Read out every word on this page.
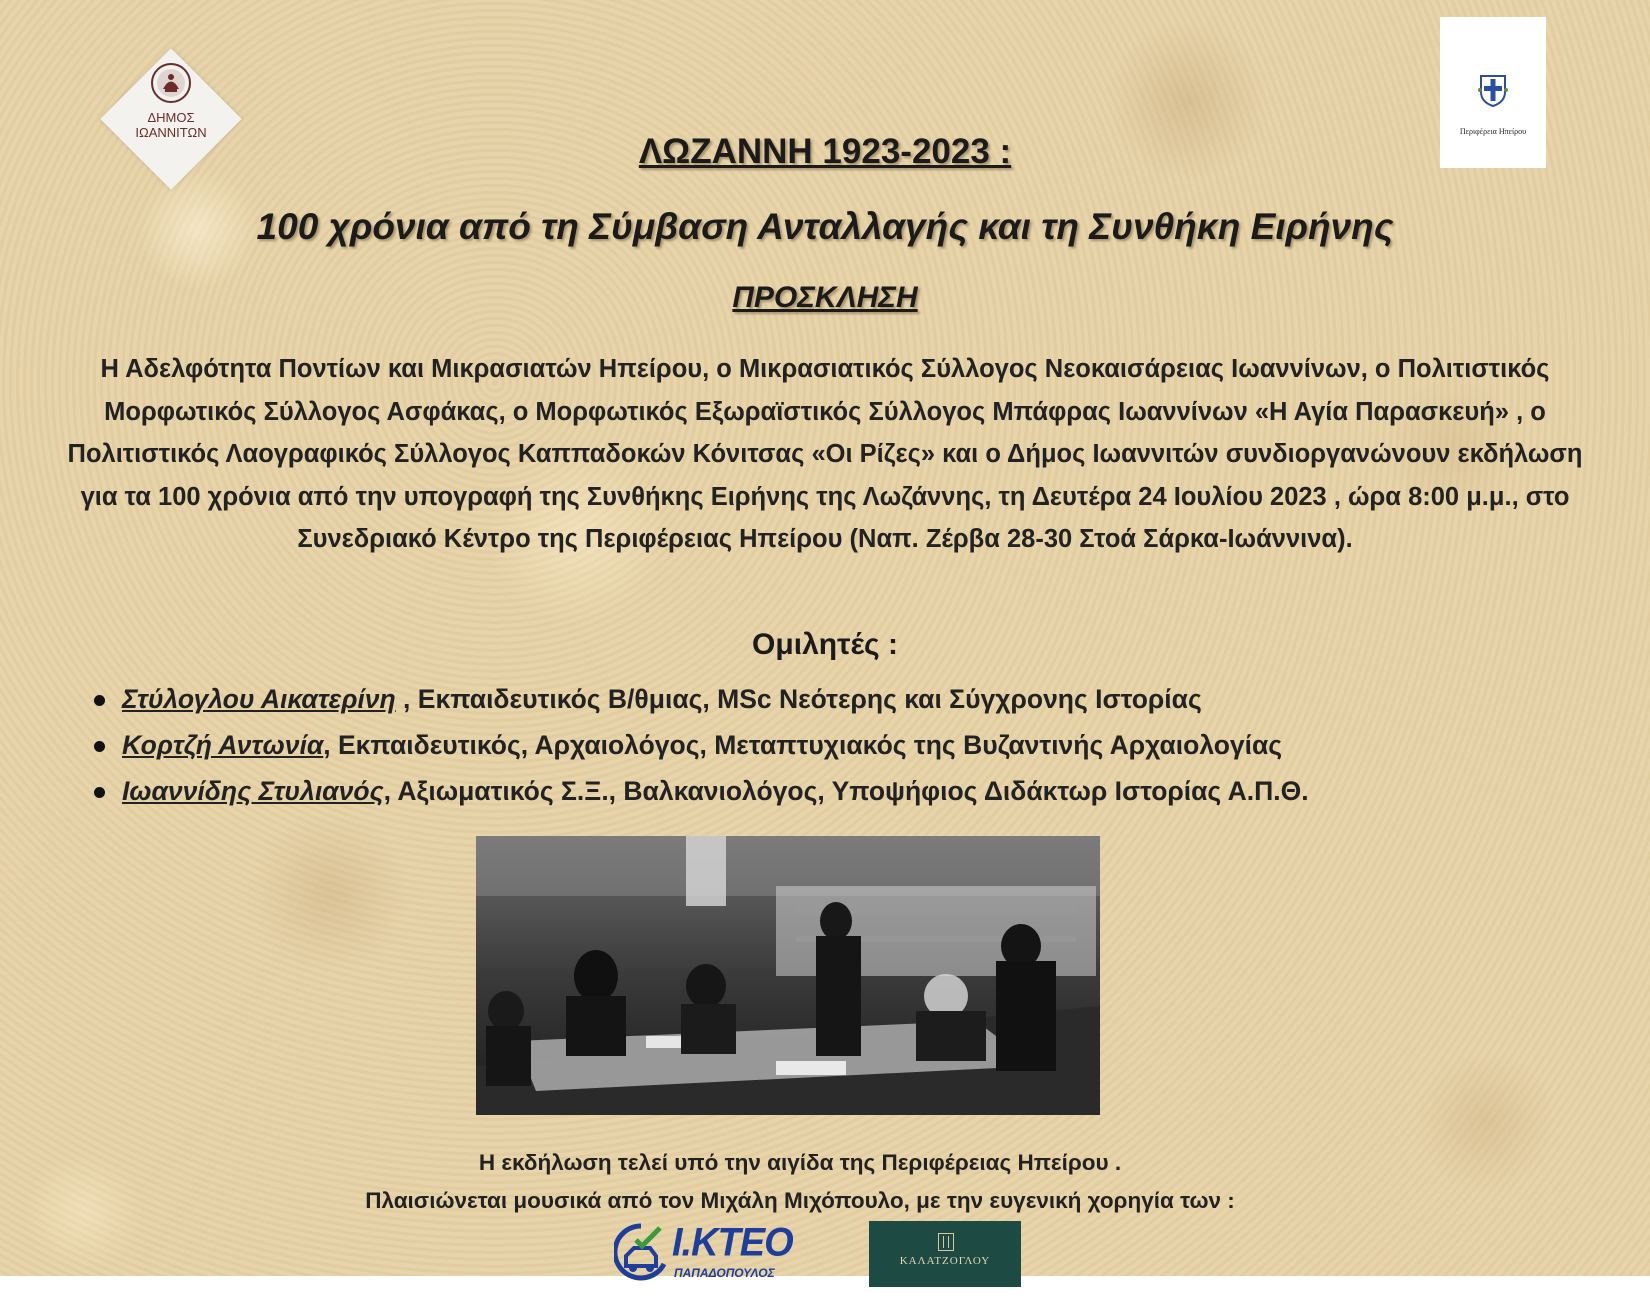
ΔΗΜΟΣ
ΙΩΑΝΝΙΤΩΝ	Περιφέρεια Ηπείρου
ΛΩΖΑΝΝΗ 1923-2023 :
100 χρόνια από τη Σύμβαση Ανταλλαγής και τη Συνθήκη Ειρήνης
ΠΡΟΣΚΛΗΣΗ

Η Αδελφότητα Ποντίων και Μικρασιατών Ηπείρου, ο Μικρασιατικός Σύλλογος Νεοκαισάρειας Ιωαννίνων, ο Πολιτιστικός Μορφωτικός Σύλλογος Ασφάκας, ο Μορφωτικός Εξωραϊστικός Σύλλογος Μπάφρας Ιωαννίνων «Η Αγία Παρασκευή» , ο Πολιτιστικός Λαογραφικός Σύλλογος Καππαδοκών Κόνιτσας «Οι Ρίζες» και ο Δήμος Ιωαννιτών συνδιοργανώνουν εκδήλωση για τα 100 χρόνια από την υπογραφή της Συνθήκης Ειρήνης της Λωζάννης, τη Δευτέρα 24 Ιουλίου 2023 , ώρα 8:00 μ.μ., στο Συνεδριακό Κέντρο της Περιφέρειας Ηπείρου (Ναπ. Ζέρβα 28-30 Στοά Σάρκα-Ιωάννινα).

Ομιλητές :
Στύλογλου Αικατερίνη , Εκπαιδευτικός Β/θμιας, MSc Νεότερης και Σύγχρονης Ιστορίας
Κορτζή Αντωνία, Εκπαιδευτικός, Αρχαιολόγος, Μεταπτυχιακός της Βυζαντινής Αρχαιολογίας
Ιωαννίδης Στυλιανός, Αξιωματικός Σ.Ξ., Βαλκανιολόγος, Υποψήφιος Διδάκτωρ Ιστορίας Α.Π.Θ.
Η εκδήλωση τελεί υπό την αιγίδα της Περιφέρειας Ηπείρου .
Πλαισιώνεται μουσικά από τον Μιχάλη Μιχόπουλο, με την ευγενική χορηγία των :
Ι.ΚΤΕΟ
ΠΑΠΑΔΟΠΟΥΛΟΣ
ΚΑΛΑΤΖΟΓΛΟΥ
